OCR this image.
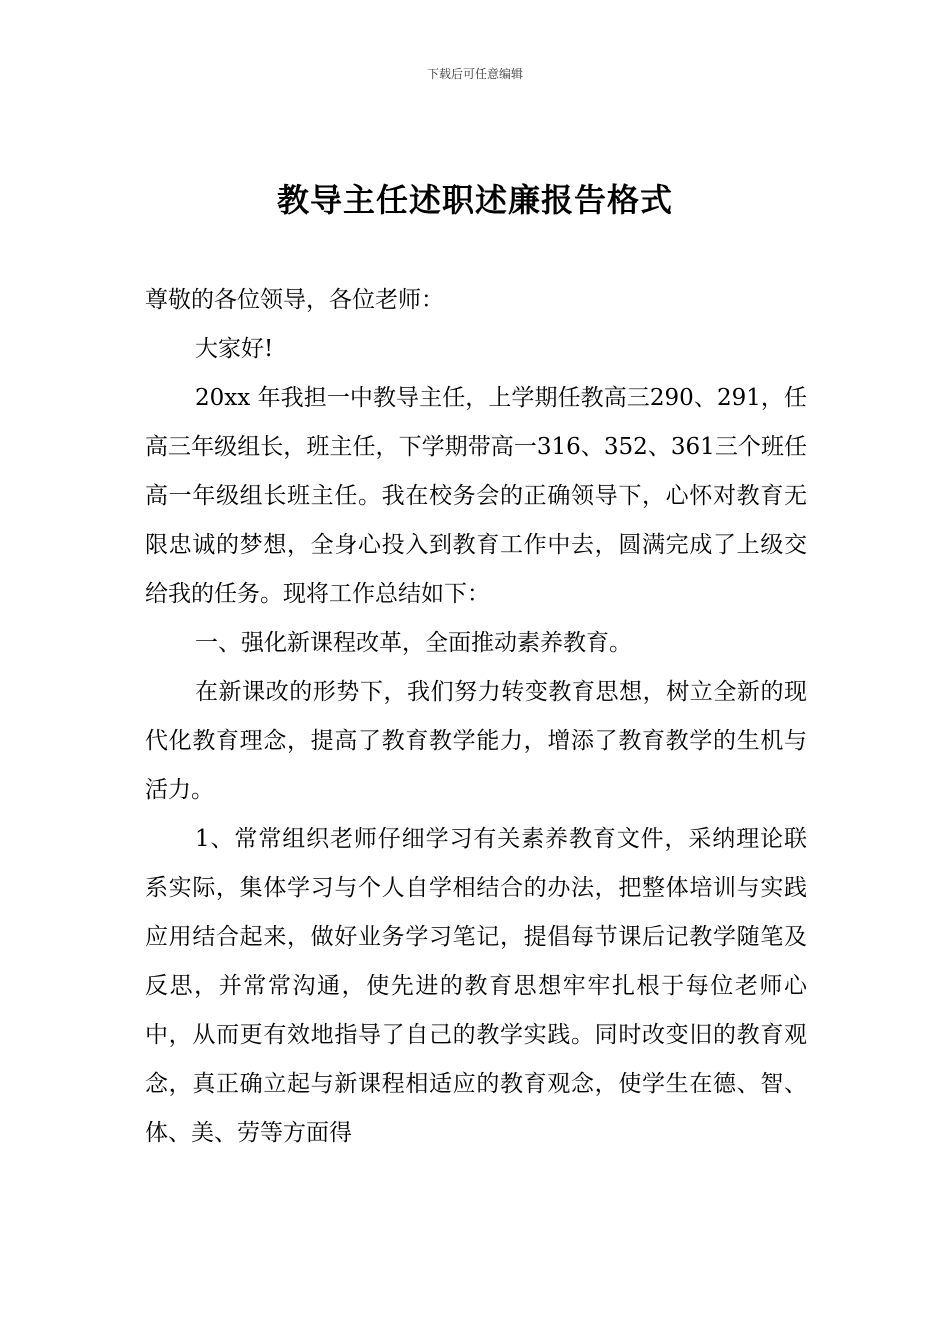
下载后可任意编辑
教导主任述职述廉报告格式

尊敬的各位领导，各位老师：

大家好!

20xx 年我担一中教导主任，上学期任教高三290、291，任高三年级组长，班主任，下学期带高一316、352、361三个班任高一年级组长班主任。我在校务会的正确领导下，心怀对教育无限忠诚的梦想，全身心投入到教育工作中去，圆满完成了上级交给我的任务。现将工作总结如下：

一、强化新课程改革，全面推动素养教育。

在新课改的形势下，我们努力转变教育思想，树立全新的现代化教育理念，提高了教育教学能力，增添了教育教学的生机与活力。

1、常常组织老师仔细学习有关素养教育文件，采纳理论联系实际，集体学习与个人自学相结合的办法，把整体培训与实践应用结合起来，做好业务学习笔记，提倡每节课后记教学随笔及反思，并常常沟通，使先进的教育思想牢牢扎根于每位老师心中，从而更有效地指导了自己的教学实践。同时改变旧的教育观念，真正确立起与新课程相适应的教育观念，使学生在德、智、体、美、劳等方面得
